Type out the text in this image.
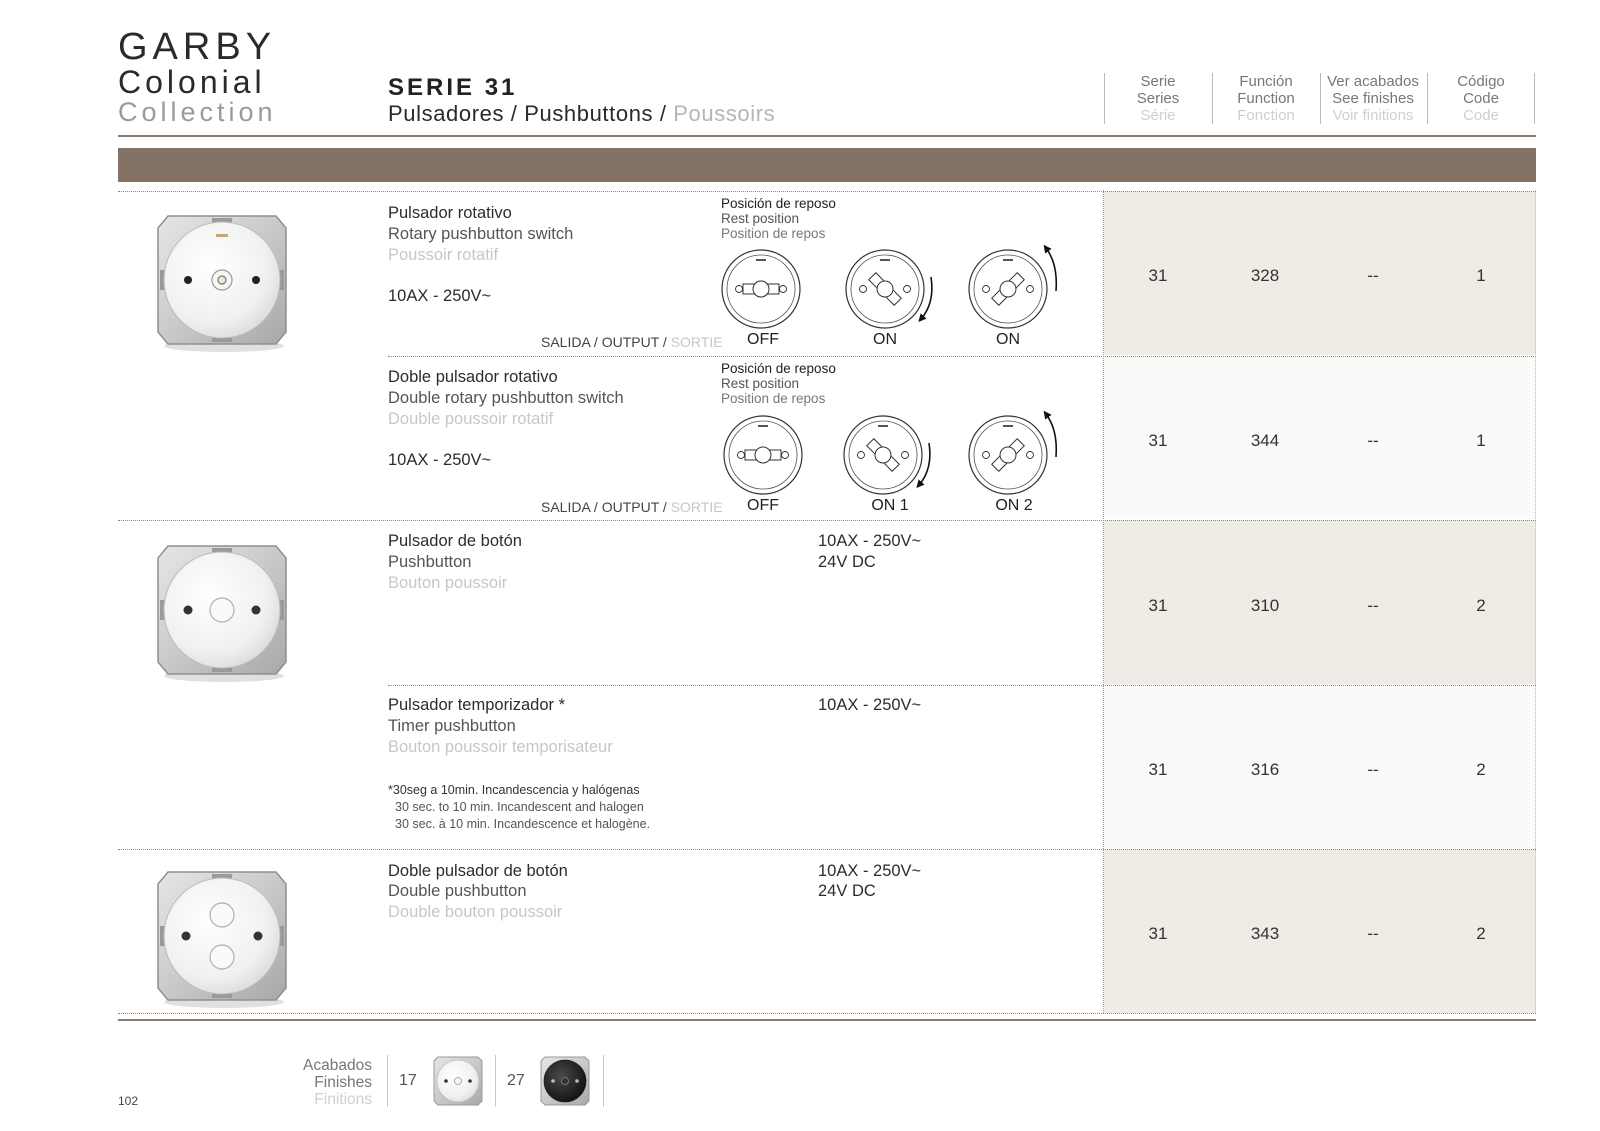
GARBY
Colonial
Collection
SERIE 31
Pulsadores / Pushbuttons / Poussoirs
Serie
Series
Série
Función
Function
Fonction
Ver acabados
See finishes
Voir finitions
Código
Code
Code
Pulsador rotativo
Rotary pushbutton switch
Poussoir rotatif
10AX - 250V~
SALIDA / OUTPUT / SORTIE
Posición de reposo
Rest position
Position de repos
OFF	ON	ON
31	328	--	1
Doble pulsador rotativo
Double rotary pushbutton switch
Double poussoir rotatif
10AX - 250V~
SALIDA / OUTPUT / SORTIE
Posición de reposo
Rest position
Position de repos
OFF	ON 1	ON 2
31	344	--	1
Pulsador de botón
Pushbutton
Bouton poussoir
10AX - 250V~
24V DC
31	310	--	2
Pulsador temporizador *
Timer pushbutton
Bouton poussoir temporisateur
10AX - 250V~
*30seg a 10min. Incandescencia y halógenas
30 sec. to 10 min. Incandescent and halogen
30 sec. à 10 min. Incandescence et halogène.
31	316	--	2
Doble pulsador de botón
Double pushbutton
Double bouton poussoir
10AX - 250V~
24V DC
31	343	--	2
Acabados
Finishes
Finitions
17	27
102
